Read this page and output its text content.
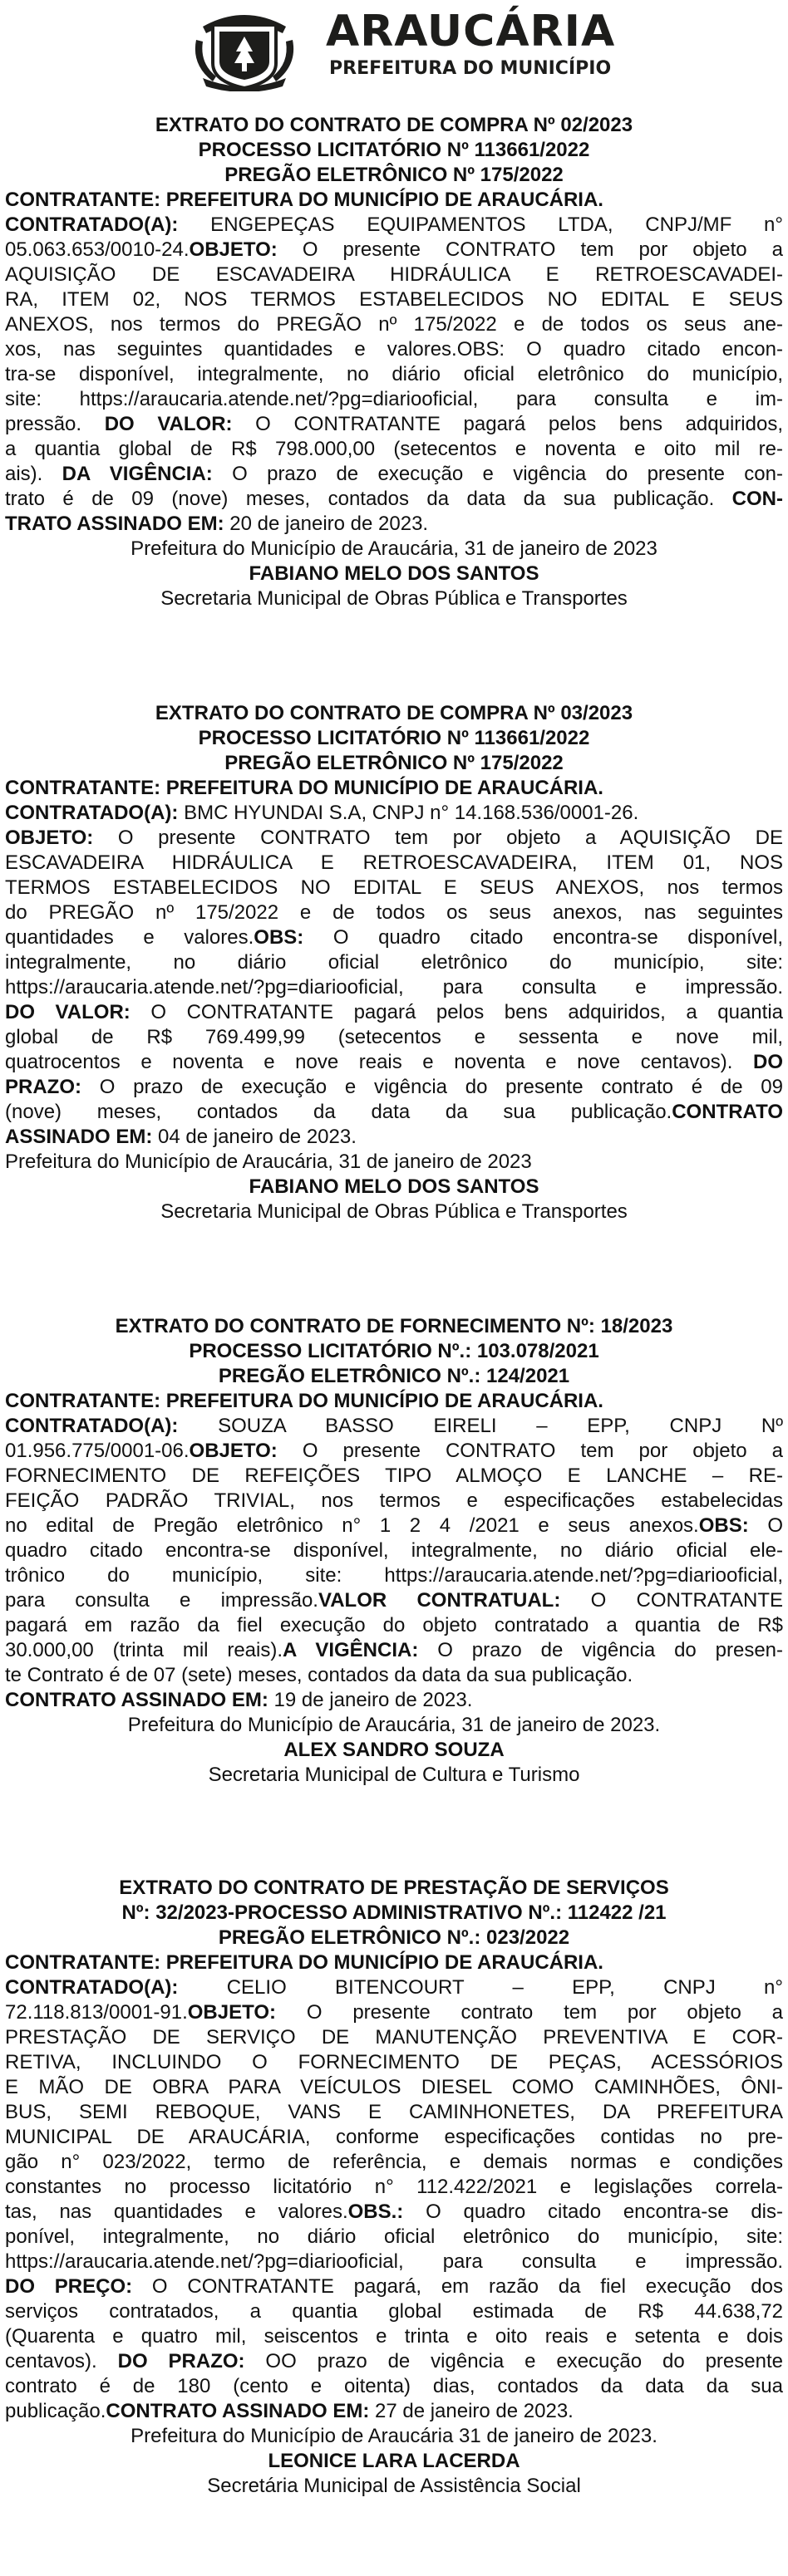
ARAUCÁRIA
PREFEITURA DO MUNICÍPIO
EXTRATO DO CONTRATO DE COMPRA Nº 02/2023
PROCESSO LICITATÓRIO Nº 113661/2022
PREGÃO ELETRÔNICO Nº 175/2022
CONTRATANTE: PREFEITURA DO MUNICÍPIO DE ARAUCÁRIA.
CONTRATADO(A): ENGEPEÇAS EQUIPAMENTOS LTDA, CNPJ/MF n°
05.063.653/0010-24.OBJETO: O presente CONTRATO tem por objeto a
AQUISIÇÃO DE ESCAVADEIRA HIDRÁULICA E RETROESCAVADEI-
RA, ITEM 02, NOS TERMOS ESTABELECIDOS NO EDITAL E SEUS
ANEXOS, nos termos do PREGÃO nº 175/2022 e de todos os seus ane-
xos, nas seguintes quantidades e valores.OBS: O quadro citado encon-
tra-se disponível, integralmente, no diário oficial eletrônico do município,
site: https://araucaria.atende.net/?pg=diariooficial, para consulta e im-
pressão. DO VALOR: O CONTRATANTE pagará pelos bens adquiridos,
a quantia global de R$ 798.000,00 (setecentos e noventa e oito mil re-
ais). DA VIGÊNCIA: O prazo de execução e vigência do presente con-
trato é de 09 (nove) meses, contados da data da sua publicação. CON-
TRATO ASSINADO EM: 20 de janeiro de 2023.
Prefeitura do Município de Araucária, 31 de janeiro de 2023
FABIANO MELO DOS SANTOS
Secretaria Municipal de Obras Pública e Transportes
EXTRATO DO CONTRATO DE COMPRA Nº 03/2023
PROCESSO LICITATÓRIO Nº 113661/2022
PREGÃO ELETRÔNICO Nº 175/2022
CONTRATANTE: PREFEITURA DO MUNICÍPIO DE ARAUCÁRIA.
CONTRATADO(A): BMC HYUNDAI S.A, CNPJ n° 14.168.536/0001-26.
OBJETO: O presente CONTRATO tem por objeto a AQUISIÇÃO DE
ESCAVADEIRA HIDRÁULICA E RETROESCAVADEIRA, ITEM 01, NOS
TERMOS ESTABELECIDOS NO EDITAL E SEUS ANEXOS, nos termos
do PREGÃO nº 175/2022 e de todos os seus anexos, nas seguintes
quantidades e valores.OBS: O quadro citado encontra-se disponível,
integralmente, no diário oficial eletrônico do município, site:
https://araucaria.atende.net/?pg=diariooficial, para consulta e impressão.
DO VALOR: O CONTRATANTE pagará pelos bens adquiridos, a quantia
global de R$ 769.499,99 (setecentos e sessenta e nove mil,
quatrocentos e noventa e nove reais e noventa e nove centavos). DO
PRAZO: O prazo de execução e vigência do presente contrato é de 09
(nove) meses, contados da data da sua publicação.CONTRATO
ASSINADO EM: 04 de janeiro de 2023.
Prefeitura do Município de Araucária, 31 de janeiro de 2023
FABIANO MELO DOS SANTOS
Secretaria Municipal de Obras Pública e Transportes
EXTRATO DO CONTRATO DE FORNECIMENTO Nº: 18/2023
PROCESSO LICITATÓRIO Nº.: 103.078/2021
PREGÃO ELETRÔNICO Nº.: 124/2021
CONTRATANTE: PREFEITURA DO MUNICÍPIO DE ARAUCÁRIA.
CONTRATADO(A): SOUZA BASSO EIRELI – EPP, CNPJ Nº
01.956.775/0001-06.OBJETO: O presente CONTRATO tem por objeto a
FORNECIMENTO DE REFEIÇÕES TIPO ALMOÇO E LANCHE – RE-
FEIÇÃO PADRÃO TRIVIAL, nos termos e especificações estabelecidas
no edital de Pregão eletrônico n° 1 2 4 /2021 e seus anexos.OBS: O
quadro citado encontra-se disponível, integralmente, no diário oficial ele-
trônico do município, site: https://araucaria.atende.net/?pg=diariooficial,
para consulta e impressão.VALOR CONTRATUAL: O CONTRATANTE
pagará em razão da fiel execução do objeto contratado a quantia de R$
30.000,00 (trinta mil reais).A VIGÊNCIA: O prazo de vigência do presen-
te Contrato é de 07 (sete) meses, contados da data da sua publicação.
CONTRATO ASSINADO EM: 19 de janeiro de 2023.
Prefeitura do Município de Araucária, 31 de janeiro de 2023.
ALEX SANDRO SOUZA
Secretaria Municipal de Cultura e Turismo
EXTRATO DO CONTRATO DE PRESTAÇÃO DE SERVIÇOS
Nº: 32/2023-PROCESSO ADMINISTRATIVO Nº.: 112422 /21
PREGÃO ELETRÔNICO Nº.: 023/2022
CONTRATANTE: PREFEITURA DO MUNICÍPIO DE ARAUCÁRIA.
CONTRATADO(A): CELIO BITENCOURT – EPP, CNPJ n°
72.118.813/0001-91.OBJETO: O presente contrato tem por objeto a
PRESTAÇÃO DE SERVIÇO DE MANUTENÇÃO PREVENTIVA E COR-
RETIVA, INCLUINDO O FORNECIMENTO DE PEÇAS, ACESSÓRIOS
E MÃO DE OBRA PARA VEÍCULOS DIESEL COMO CAMINHÕES, ÔNI-
BUS, SEMI REBOQUE, VANS E CAMINHONETES, DA PREFEITURA
MUNICIPAL DE ARAUCÁRIA, conforme especificações contidas no pre-
gão n° 023/2022, termo de referência, e demais normas e condições
constantes no processo licitatório n° 112.422/2021 e legislações correla-
tas, nas quantidades e valores.OBS.: O quadro citado encontra-se dis-
ponível, integralmente, no diário oficial eletrônico do município, site:
https://araucaria.atende.net/?pg=diariooficial, para consulta e impressão.
DO PREÇO: O CONTRATANTE pagará, em razão da fiel execução dos
serviços contratados, a quantia global estimada de R$ 44.638,72
(Quarenta e quatro mil, seiscentos e trinta e oito reais e setenta e dois
centavos). DO PRAZO: OO prazo de vigência e execução do presente
contrato é de 180 (cento e oitenta) dias, contados da data da sua
publicação.CONTRATO ASSINADO EM: 27 de janeiro de 2023.
Prefeitura do Município de Araucária 31 de janeiro de 2023.
LEONICE LARA LACERDA
Secretária Municipal de Assistência Social
